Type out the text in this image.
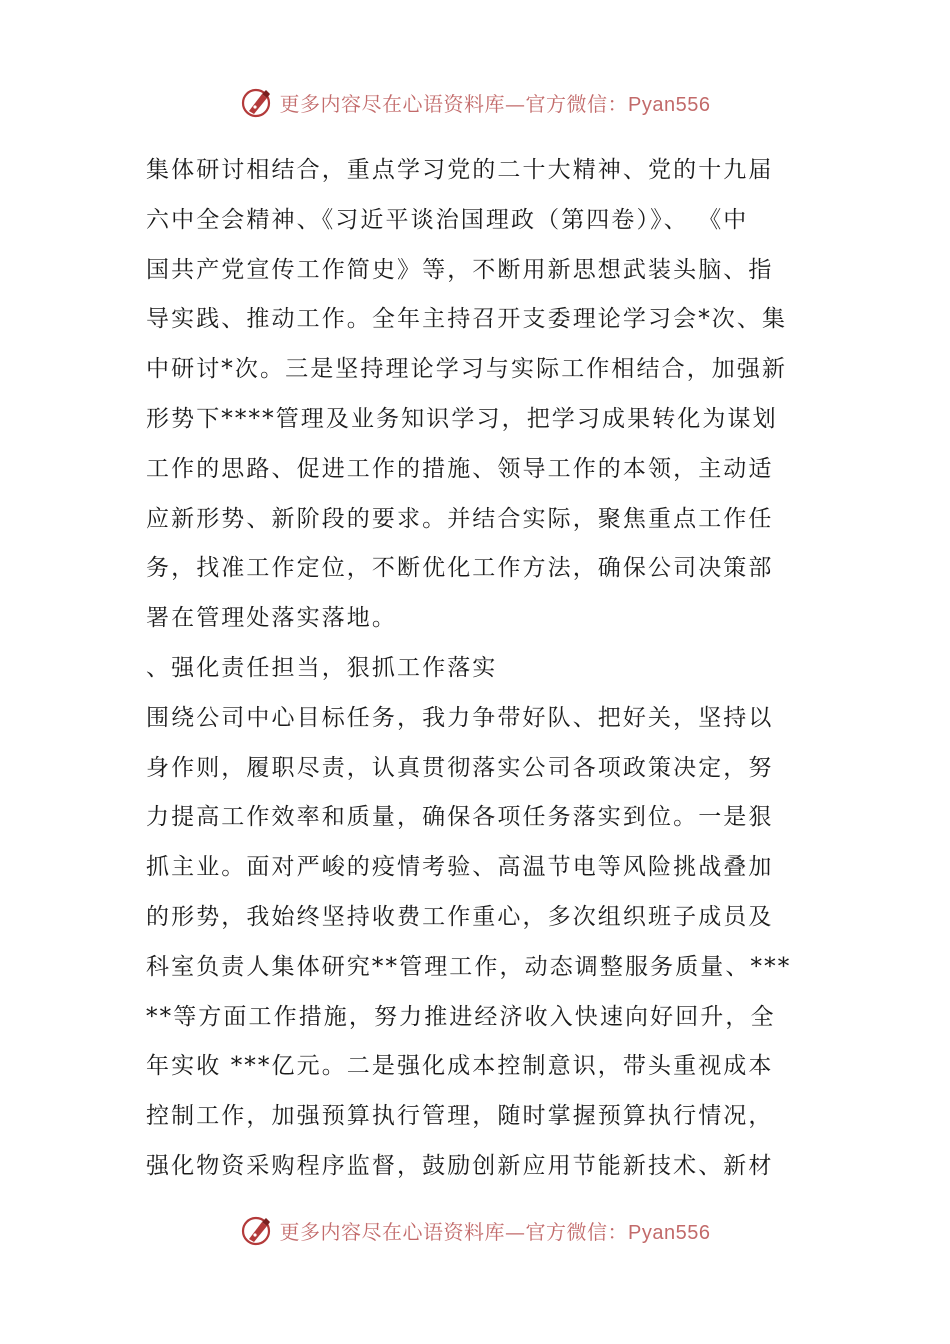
更多内容尽在心语资料库—官方微信：Pyan556
集体研讨相结合，重点学习党的二十大精神、党的十九届
六中全会精神、《习近平谈治国理政（第四卷）》、 《中
国共产党宣传工作简史》等，不断用新思想武装头脑、指
导实践、推动工作。全年主持召开支委理论学习会*次、集
中研讨*次。三是坚持理论学习与实际工作相结合，加强新
形势下****管理及业务知识学习，把学习成果转化为谋划
工作的思路、促进工作的措施、领导工作的本领，主动适
应新形势、新阶段的要求。并结合实际，聚焦重点工作任
务，找准工作定位，不断优化工作方法，确保公司决策部
署在管理处落实落地。
、强化责任担当，狠抓工作落实
围绕公司中心目标任务，我力争带好队、把好关，坚持以
身作则，履职尽责，认真贯彻落实公司各项政策决定，努
力提高工作效率和质量，确保各项任务落实到位。一是狠
抓主业。面对严峻的疫情考验、高温节电等风险挑战叠加
的形势，我始终坚持收费工作重心，多次组织班子成员及
科室负责人集体研究**管理工作，动态调整服务质量、***
**等方面工作措施，努力推进经济收入快速向好回升，全
年实收 ***亿元。二是强化成本控制意识，带头重视成本
控制工作，加强预算执行管理，随时掌握预算执行情况，
强化物资采购程序监督，鼓励创新应用节能新技术、新材
更多内容尽在心语资料库—官方微信：Pyan556
